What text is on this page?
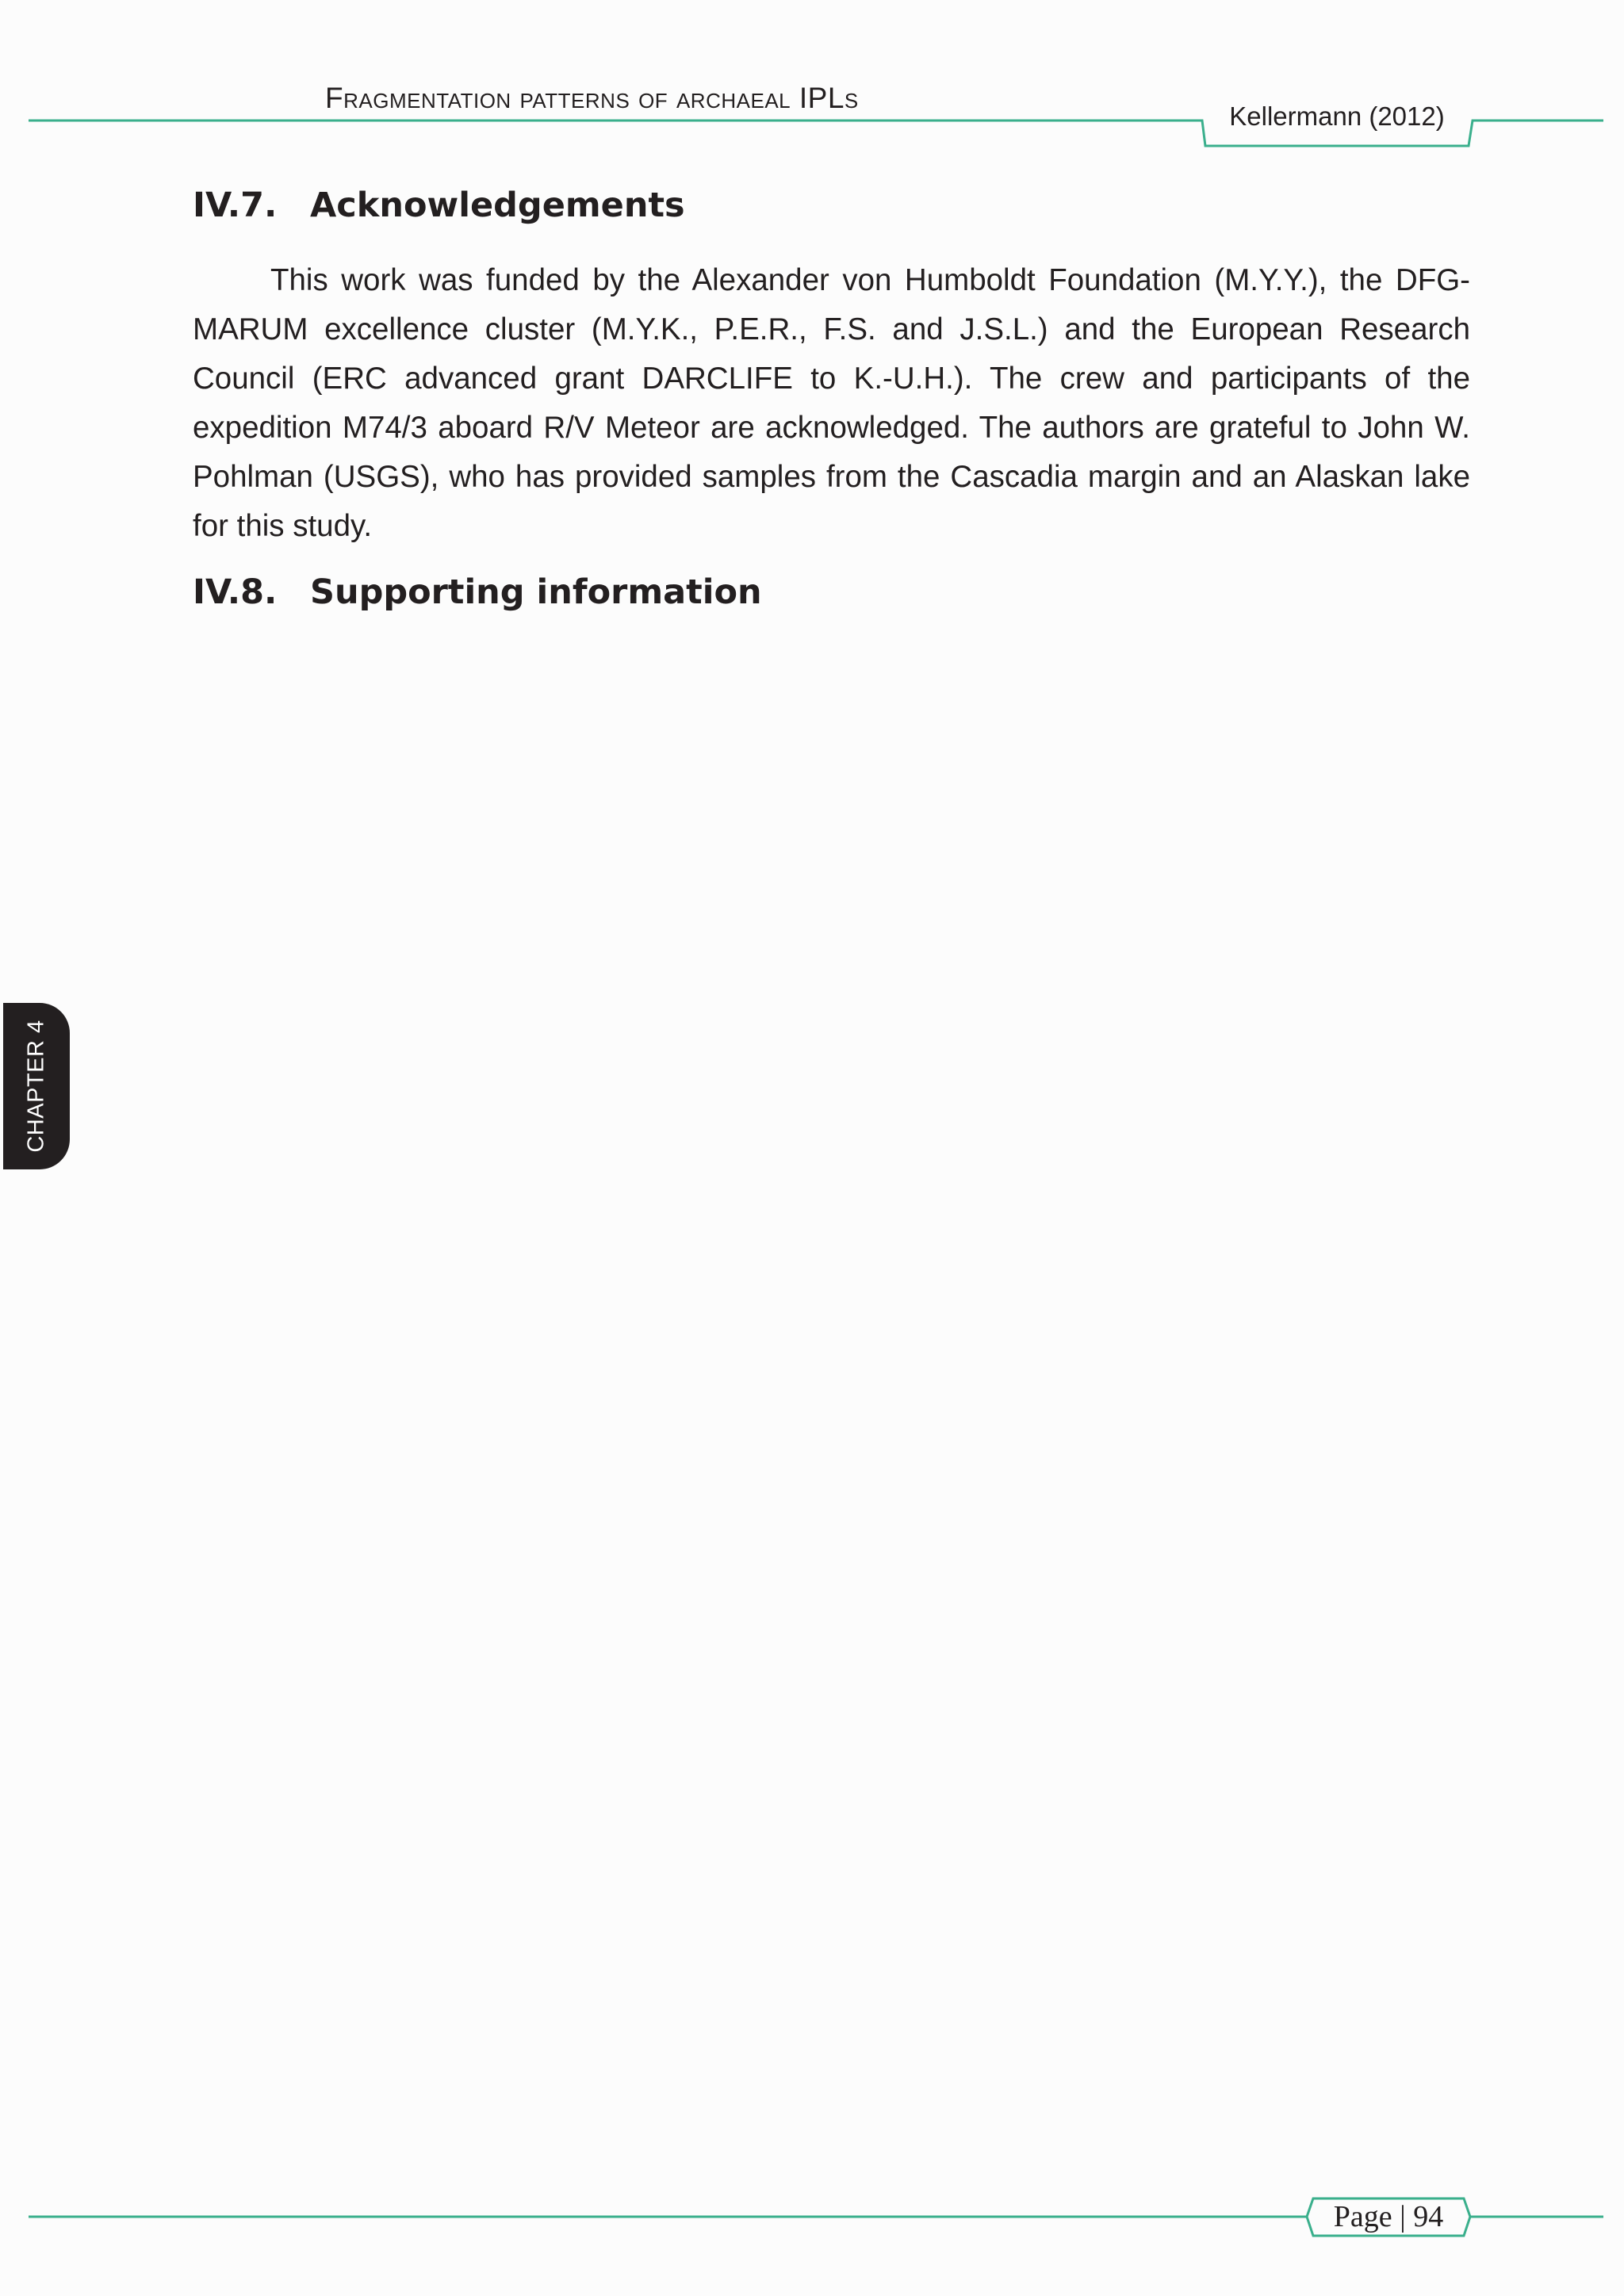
Fragmentation patterns of archaeal IPLs
Kellermann (2012)
IV.7. Acknowledgements

This work was funded by the Alexander von Humboldt Foundation (M.Y.Y.), the DFG-MARUM excellence cluster (M.Y.K., P.E.R., F.S. and J.S.L.) and the European Research Council (ERC advanced grant DARCLIFE to K.-U.H.). The crew and participants of the expedition M74/3 aboard R/V Meteor are acknowledged. The authors are grateful to John W. Pohlman (USGS), who has provided samples from the Cascadia margin and an Alaskan lake for this study.

IV.8. Supporting information
CHAPTER 4
Page | 94
